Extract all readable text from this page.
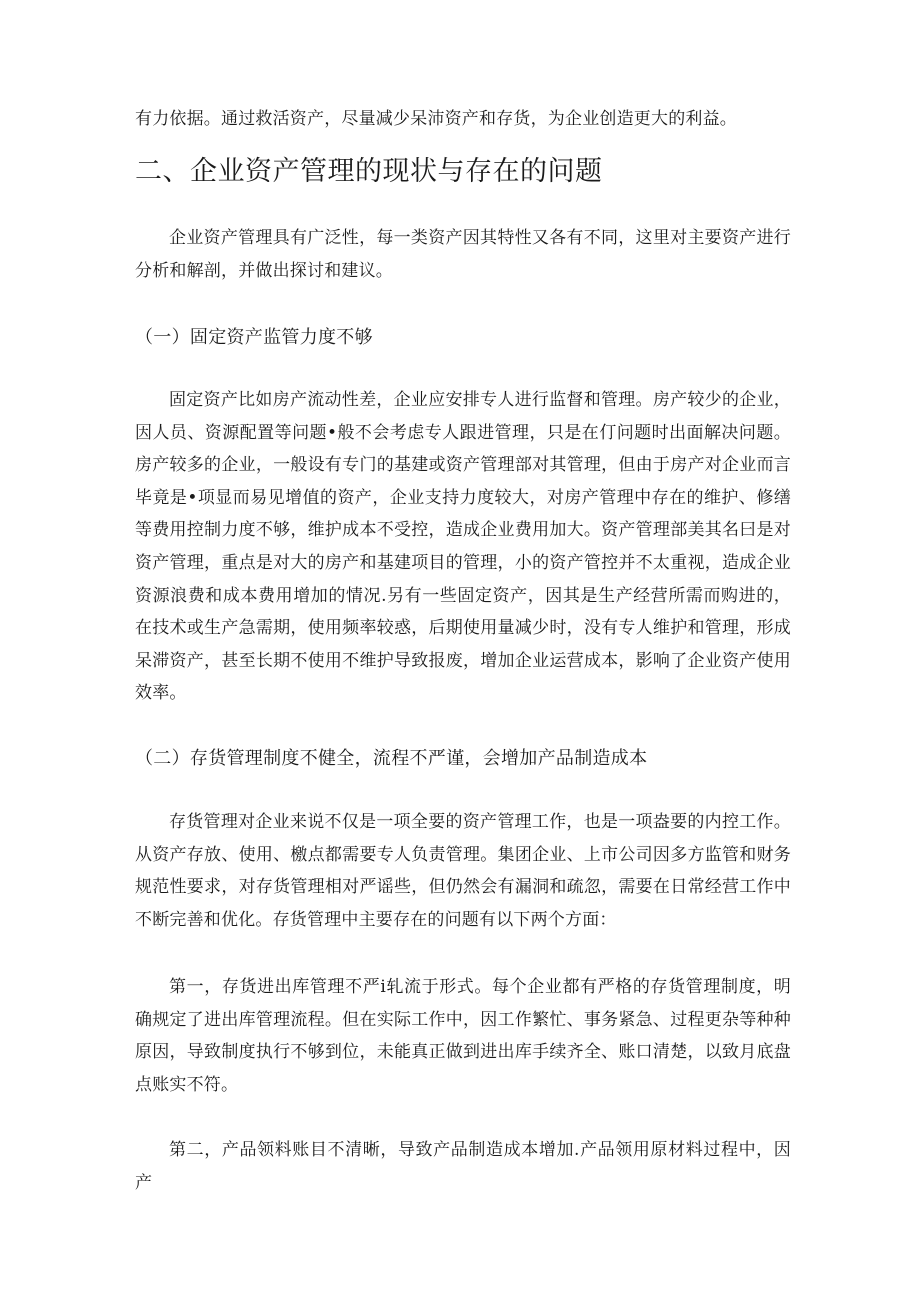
有力依据。通过救活资产，尽量减少呆沛资产和存货，为企业创造更大的利益。

二、企业资产管理的现状与存在的问题

企业资产管理具有广泛性，每一类资产因其特性又各有不同，这里对主要资产进行分析和解剖，并做出探讨和建议。

（一）固定资产监管力度不够

固定资产比如房产流动性差，企业应安排专人进行监督和管理。房产较少的企业，因人员、资源配置等问题•般不会考虑专人跟进管理，只是在仃问题时出面解决问题。房产较多的企业，一般设有专门的基建或资产管理部对其管理，但由于房产对企业而言毕竟是•项显而易见增值的资产，企业支持力度较大，对房产管理中存在的维护、修缮等费用控制力度不够，维护成本不受控，造成企业费用加大。资产管理部美其名曰是对资产管理，重点是对大的房产和基建项目的管理，小的资产管控并不太重视，造成企业资源浪费和成本费用增加的情况.另有一些固定资产，因其是生产经营所需而购进的，在技术或生产急需期，使用频率较惑，后期使用量减少时，没有专人维护和管理，形成呆滞资产，甚至长期不使用不维护导致报废，增加企业运营成本，影响了企业资产使用效率。

（二）存货管理制度不健全，流程不严谨，会增加产品制造成本

存货管理对企业来说不仅是一项全要的资产管理工作，也是一项盎要的内控工作。从资产存放、使用、檄点都需要专人负责管理。集团企业、上市公司因多方监管和财务规范性要求，对存货管理相对严谣些，但仍然会有漏洞和疏忽，需要在日常经营工作中不断完善和优化。存货管理中主要存在的问题有以下两个方面：

第一，存货进出库管理不严i轧流于形式。每个企业都有严格的存货管理制度，明确规定了进出库管理流程。但在实际工作中，因工作繁忙、事务紧急、过程更杂等种种原因，导致制度执行不够到位，未能真正做到进出库手续齐全、账口清楚，以致月底盘点账实不符。

第二，产品领料账目不清晰，导致产品制造成本增加.产品领用原材料过程中，因产
